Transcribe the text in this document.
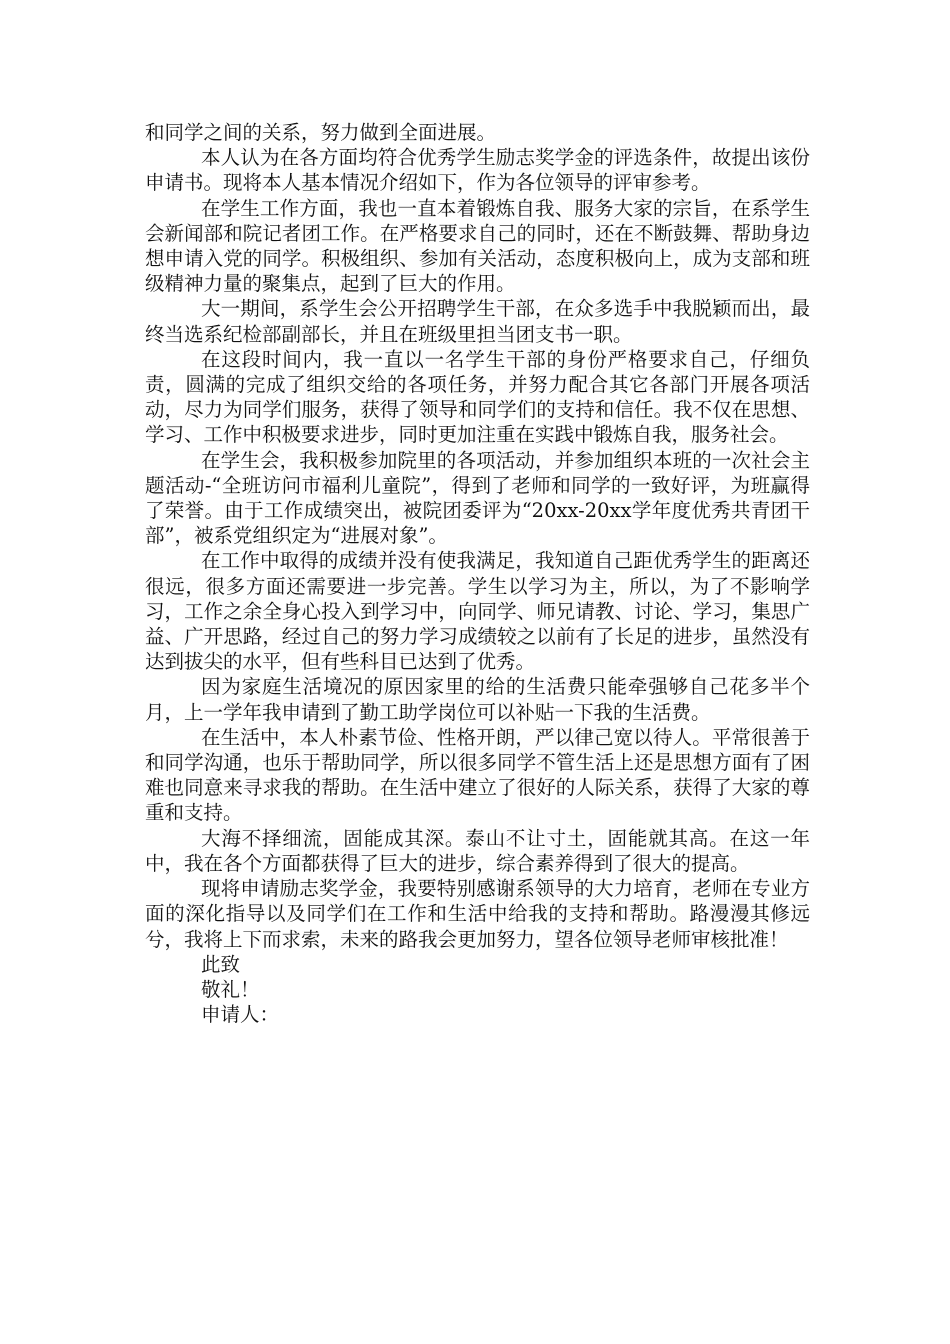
和同学之间的关系，努力做到全面进展。

本人认为在各方面均符合优秀学生励志奖学金的评选条件，故提出该份申请书。现将本人基本情况介绍如下，作为各位领导的评审参考。

在学生工作方面，我也一直本着锻炼自我、服务大家的宗旨，在系学生会新闻部和院记者团工作。在严格要求自己的同时，还在不断鼓舞、帮助身边想申请入党的同学。积极组织、参加有关活动，态度积极向上，成为支部和班级精神力量的聚集点，起到了巨大的作用。

大一期间，系学生会公开招聘学生干部，在众多选手中我脱颖而出，最终当选系纪检部副部长，并且在班级里担当团支书一职。

在这段时间内，我一直以一名学生干部的身份严格要求自己，仔细负责，圆满的完成了组织交给的各项任务，并努力配合其它各部门开展各项活动，尽力为同学们服务，获得了领导和同学们的支持和信任。我不仅在思想、学习、工作中积极要求进步，同时更加注重在实践中锻炼自我，服务社会。

在学生会，我积极参加院里的各项活动，并参加组织本班的一次社会主题活动-“全班访问市福利儿童院”，得到了老师和同学的一致好评，为班赢得了荣誉。由于工作成绩突出，被院团委评为“20xx-20xx学年度优秀共青团干部”，被系党组织定为“进展对象”。

在工作中取得的成绩并没有使我满足，我知道自己距优秀学生的距离还很远，很多方面还需要进一步完善。学生以学习为主，所以，为了不影响学习，工作之余全身心投入到学习中，向同学、师兄请教、讨论、学习，集思广益、广开思路，经过自己的努力学习成绩较之以前有了长足的进步，虽然没有达到拔尖的水平，但有些科目已达到了优秀。

因为家庭生活境况的原因家里的给的生活费只能牵强够自己花多半个月，上一学年我申请到了勤工助学岗位可以补贴一下我的生活费。

在生活中，本人朴素节俭、性格开朗，严以律己宽以待人。平常很善于和同学沟通，也乐于帮助同学，所以很多同学不管生活上还是思想方面有了困难也同意来寻求我的帮助。在生活中建立了很好的人际关系，获得了大家的尊重和支持。

大海不择细流，固能成其深。泰山不让寸土，固能就其高。在这一年中，我在各个方面都获得了巨大的进步，综合素养得到了很大的提高。

现将申请励志奖学金，我要特别感谢系领导的大力培育，老师在专业方面的深化指导以及同学们在工作和生活中给我的支持和帮助。路漫漫其修远兮，我将上下而求索，未来的路我会更加努力，望各位领导老师审核批准！

此致

敬礼！

申请人：
